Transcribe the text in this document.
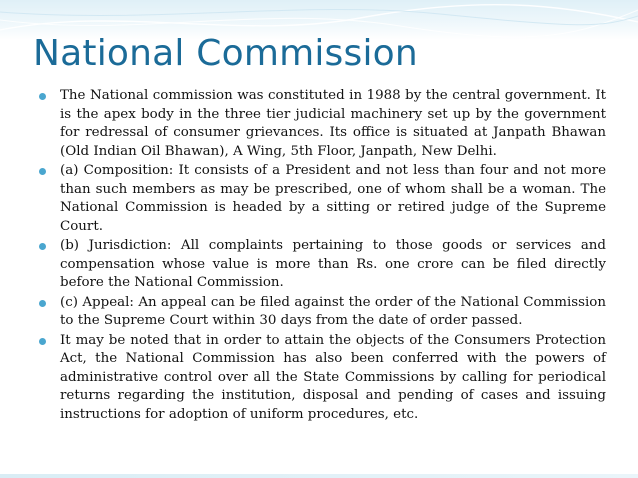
National Commission
The National commission was constituted in 1988 by the central government. It is the apex body in the three tier judicial machinery set up by the government for redressal of consumer grievances. Its office is situated at Janpath Bhawan (Old Indian Oil Bhawan), A Wing, 5th Floor, Janpath, New Delhi.
(a) Composition: It consists of a President and not less than four and not more than such members as may be prescribed, one of whom shall be a woman. The National Commission is headed by a sitting or retired judge of the Supreme Court.
(b) Jurisdiction: All complaints pertaining to those goods or services and compensation whose value is more than Rs. one crore can be filed directly before the National Commission.
(c) Appeal: An appeal can be filed against the order of the National Commission to the Supreme Court within 30 days from the date of order passed.
It may be noted that in order to attain the objects of the Consumers Protection Act, the National Commission has also been conferred with the powers of administrative control over all the State Commissions by calling for periodical returns regarding the institution, disposal and pending of cases and issuing instructions for adoption of uniform procedures, etc.
